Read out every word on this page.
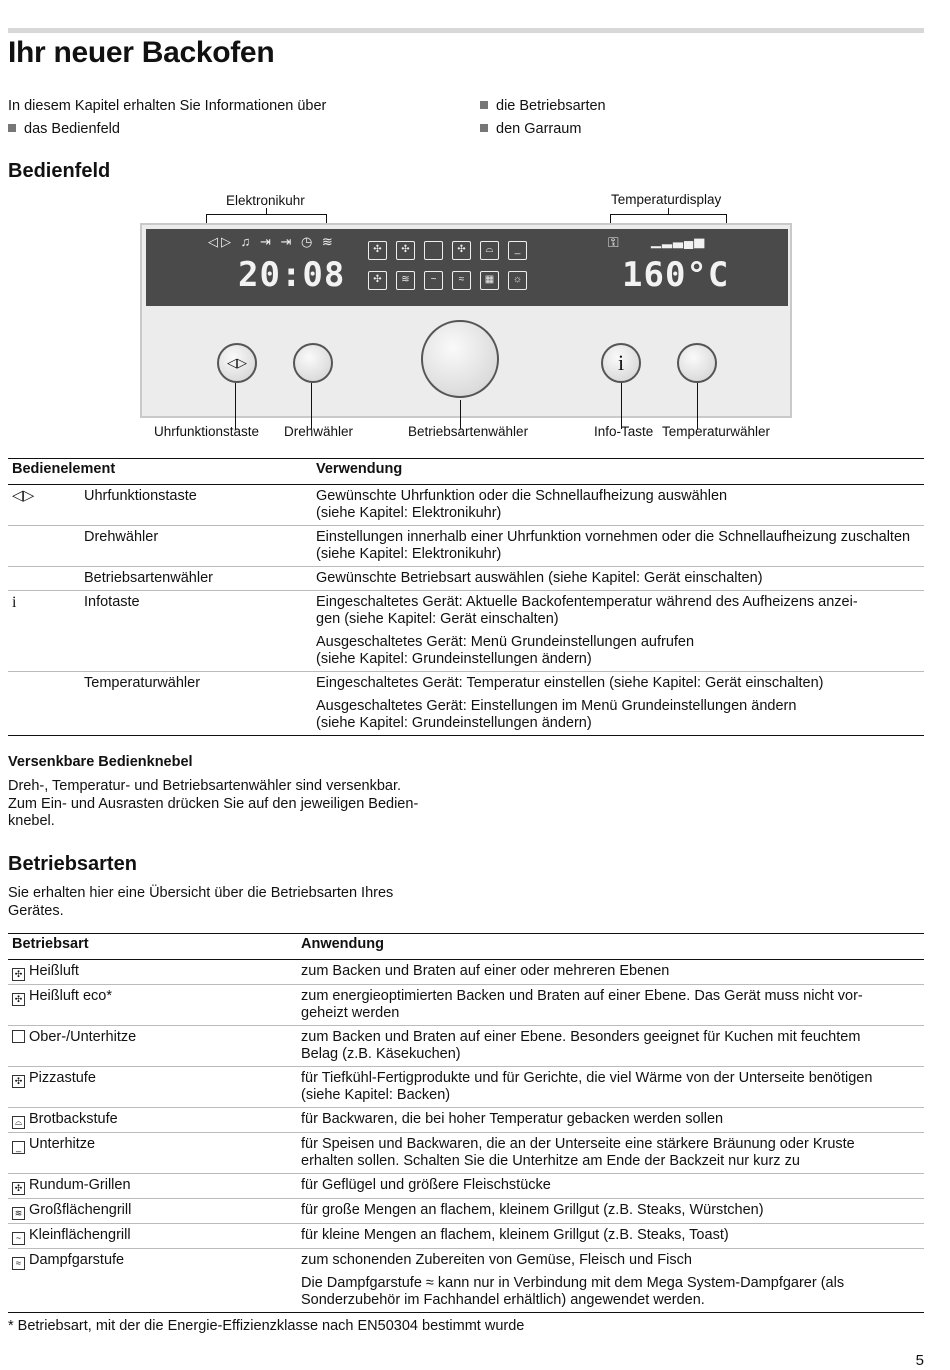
Ihr neuer Backofen
In diesem Kapitel erhalten Sie Informationen über
das Bedienfeld
die Betriebsarten
den Garraum
Bedienfeld
Elektronikuhr	Temperaturdisplay
◁▷ ♫ ⇥ ⇥ ◷ ≋
20:08
✣	✣	✣	⌓	_
✣	≋	~	≈	▦	☼
⚿ ▁▂▃▄▅
160°C
◁▷	i
Uhrfunktionstaste Drehwähler	Betriebsartenwähler	Info-Taste Temperaturwähler
Bedienelement		Verwendung
◁▷	Uhrfunktionstaste	Gewünschte Uhrfunktion oder die Schnellaufheizung auswählen
(siehe Kapitel: Elektronikuhr)
	Drehwähler	Einstellungen innerhalb einer Uhrfunktion vornehmen oder die Schnellaufheizung zuschalten (siehe Kapitel: Elektronikuhr)
	Betriebsartenwähler	Gewünschte Betriebsart auswählen (siehe Kapitel: Gerät einschalten)
i	Infotaste	Eingeschaltetes Gerät: Aktuelle Backofentemperatur während des Aufheizens anzei-
gen (siehe Kapitel: Gerät einschalten)
Ausgeschaltetes Gerät: Menü Grundeinstellungen aufrufen
(siehe Kapitel: Grundeinstellungen ändern)

	Temperaturwähler	Eingeschaltetes Gerät: Temperatur einstellen (siehe Kapitel: Gerät einschalten)
Ausgeschaltetes Gerät: Einstellungen im Menü Grundeinstellungen ändern
(siehe Kapitel: Grundeinstellungen ändern)
Versenkbare Bedienknebel
Dreh-, Temperatur- und Betriebsartenwähler sind versenkbar.
Zum Ein- und Ausrasten drücken Sie auf den jeweiligen Bedien-
knebel.
Betriebsarten
Sie erhalten hier eine Übersicht über die Betriebsarten Ihres
Gerätes.
Betriebsart	Anwendung
✣ Heißluft	zum Backen und Braten auf einer oder mehreren Ebenen
✣ Heißluft eco*	zum energieoptimierten Backen und Braten auf einer Ebene. Das Gerät muss nicht vor-
geheizt werden
Ober-/Unterhitze	zum Backen und Braten auf einer Ebene. Besonders geeignet für Kuchen mit feuchtem
Belag (z.B. Käsekuchen)
✣ Pizzastufe	für Tiefkühl-Fertigprodukte und für Gerichte, die viel Wärme von der Unterseite benötigen
(siehe Kapitel: Backen)
⌓ Brotbackstufe	für Backwaren, die bei hoher Temperatur gebacken werden sollen
_ Unterhitze	für Speisen und Backwaren, die an der Unterseite eine stärkere Bräunung oder Kruste
erhalten sollen. Schalten Sie die Unterhitze am Ende der Backzeit nur kurz zu
✣ Rundum-Grillen	für Geflügel und größere Fleischstücke
≋ Großflächengrill	für große Mengen an flachem, kleinem Grillgut (z.B. Steaks, Würstchen)
~ Kleinflächengrill	für kleine Mengen an flachem, kleinem Grillgut (z.B. Steaks, Toast)
≈ Dampfgarstufe	zum schonenden Zubereiten von Gemüse, Fleisch und Fisch
Die Dampfgarstufe ≈ kann nur in Verbindung mit dem Mega System-Dampfgarer (als
Sonderzubehör im Fachhandel erhältlich) angewendet werden.
* Betriebsart, mit der die Energie-Effizienzklasse nach EN50304 bestimmt wurde
5
